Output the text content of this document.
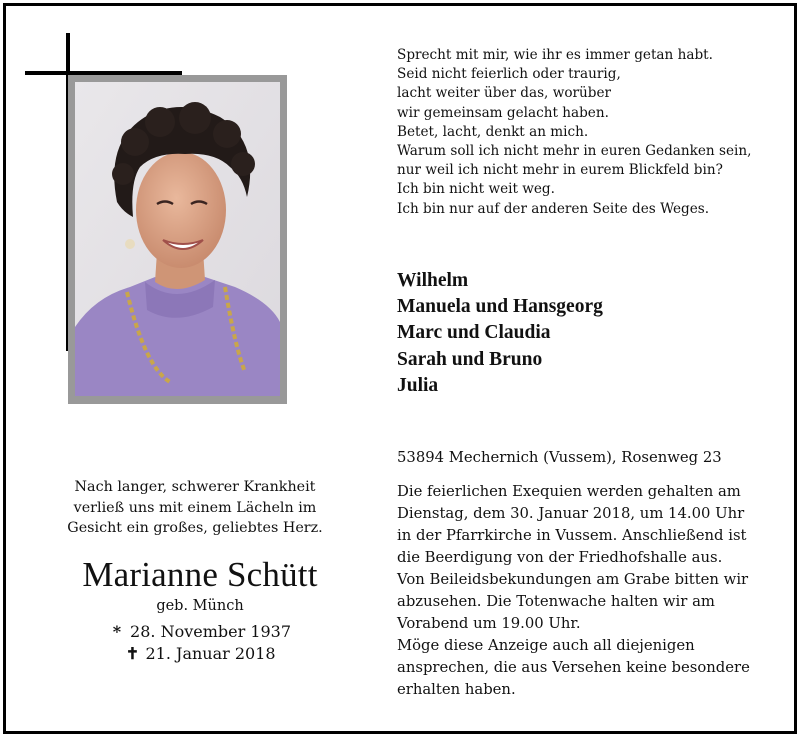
Sprecht mit mir, wie ihr es immer getan habt.
Seid nicht feierlich oder traurig,
lacht weiter über das, worüber
wir gemeinsam gelacht haben.
Betet, lacht, denkt an mich.
Warum soll ich nicht mehr in euren Gedanken sein,
nur weil ich nicht mehr in eurem Blickfeld bin?
Ich bin nicht weit weg.
Ich bin nur auf der anderen Seite des Weges.
Wilhelm
Manuela und Hansgeorg
Marc und Claudia
Sarah und Bruno
Julia
53894 Mechernich (Vussem), Rosenweg 23
Die feierlichen Exequien werden gehalten am
Dienstag, dem 30. Januar 2018, um 14.00 Uhr
in der Pfarrkirche in Vussem. Anschließend ist
die Beerdigung von der Friedhofshalle aus.
Von Beileidsbekundungen am Grabe bitten wir
abzusehen. Die Totenwache halten wir am
Vorabend um 19.00 Uhr.
Möge diese Anzeige auch all diejenigen
ansprechen, die aus Versehen keine besondere
erhalten haben.
Nach langer, schwerer Krankheit
verließ uns mit einem Lächeln im
Gesicht ein großes, geliebtes Herz.
Marianne Schütt
geb. Münch
* 28. November 1937
✝ 21. Januar 2018
